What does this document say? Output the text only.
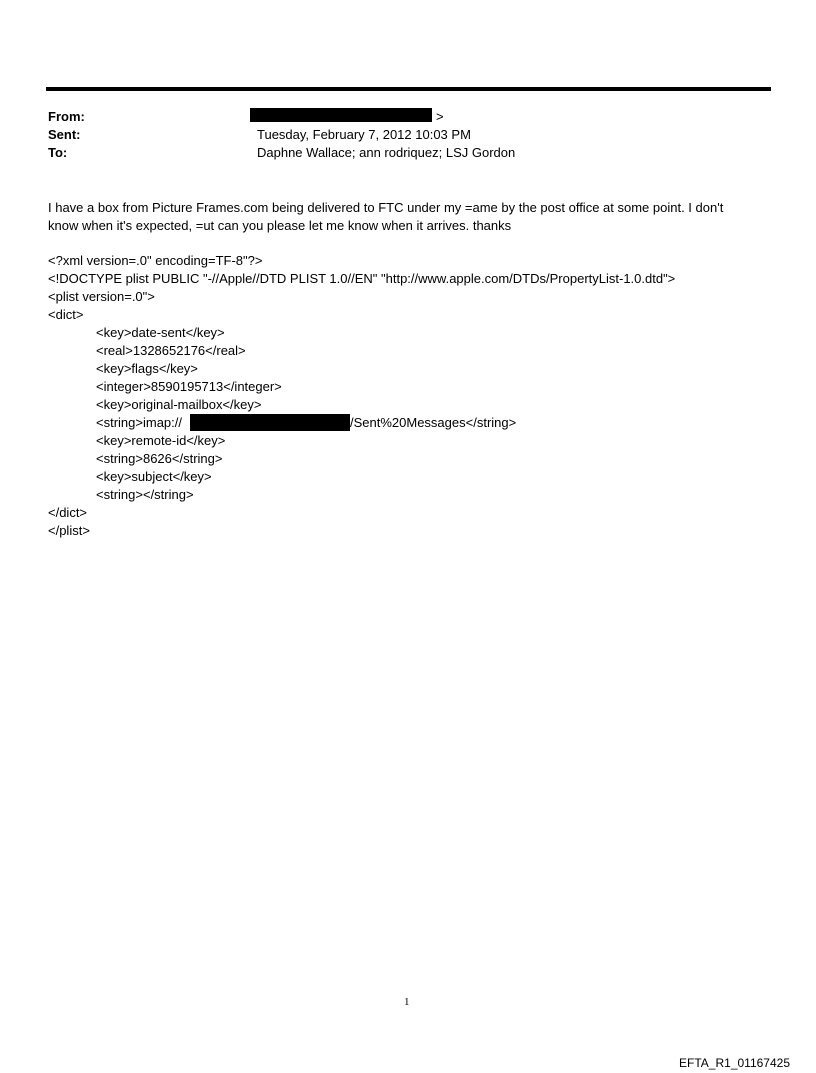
From:	>
Sent:	Tuesday, February 7, 2012 10:03 PM
To:	Daphne Wallace; ann rodriquez; LSJ Gordon
I have a box from Picture Frames.com being delivered to FTC under my =ame by the post office at some point. I don't
know when it's expected, =ut can you please let me know when it arrives. thanks
<?xml version=.0" encoding=TF-8"?>
<!DOCTYPE plist PUBLIC "-//Apple//DTD PLIST 1.0//EN" "http://www.apple.com/DTDs/PropertyList-1.0.dtd">
<plist version=.0">
<dict>
<key>date-sent</key>
<real>1328652176</real>
<key>flags</key>
<integer>8590195713</integer>
<key>original-mailbox</key>
<string>imap://	/Sent%20Messages</string>
<key>remote-id</key>
<string>8626</string>
<key>subject</key>
<string></string>
</dict>
</plist>
1
EFTA_R1_01167425
